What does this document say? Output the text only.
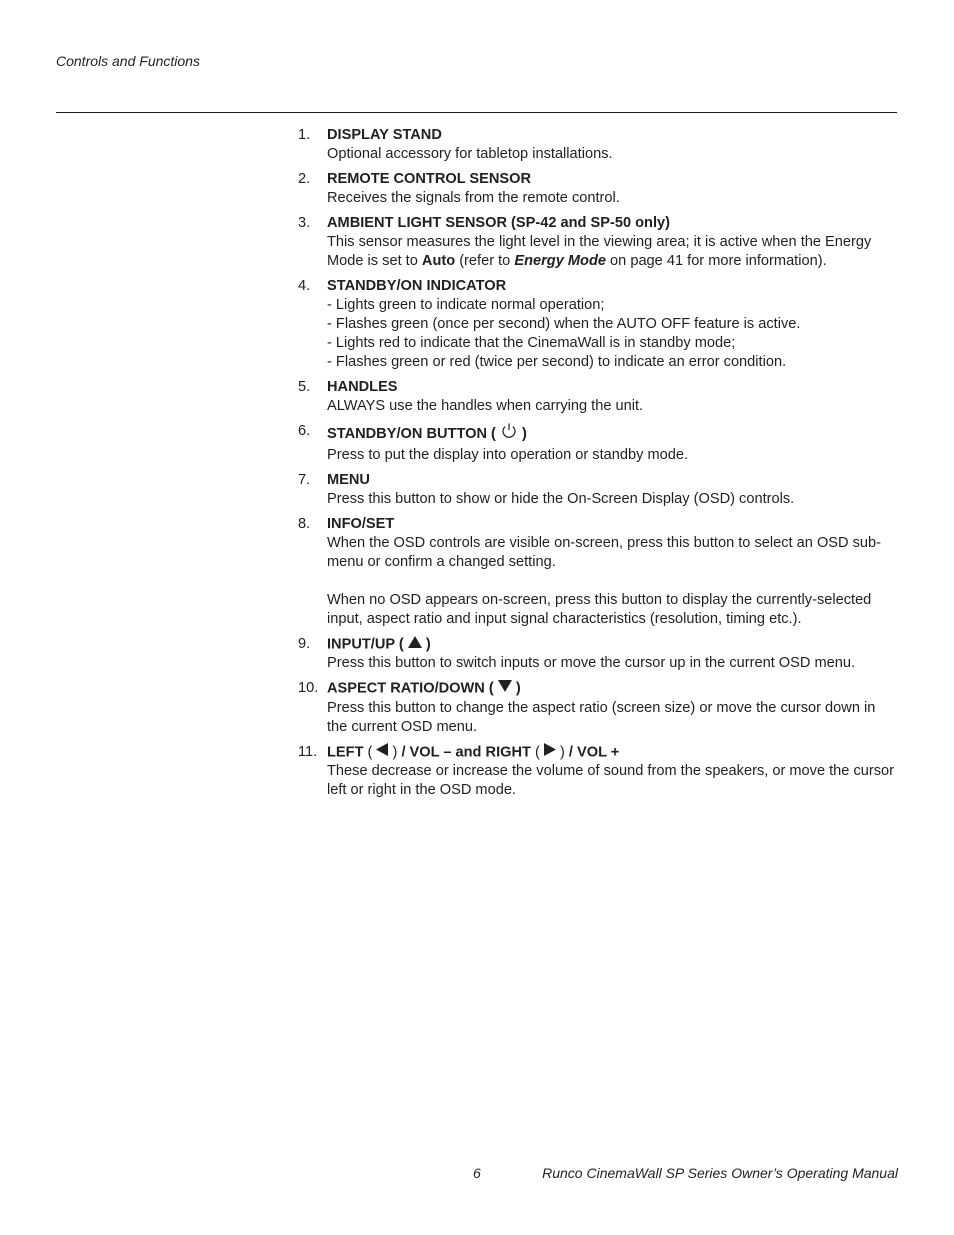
Controls and Functions
1.	DISPLAY STAND
Optional accessory for tabletop installations.
2.	REMOTE CONTROL SENSOR
Receives the signals from the remote control.
3.	AMBIENT LIGHT SENSOR (SP-42 and SP-50 only)
This sensor measures the light level in the viewing area; it is active when the Energy Mode is set to Auto (refer to Energy Mode on page 41 for more information).
4.	STANDBY/ON INDICATOR
- Lights green to indicate normal operation;
- Flashes green (once per second) when the AUTO OFF feature is active.
- Lights red to indicate that the CinemaWall is in standby mode;
- Flashes green or red (twice per second) to indicate an error condition.
5.	HANDLES
ALWAYS use the handles when carrying the unit.
6.	STANDBY/ON BUTTON (  )
Press to put the display into operation or standby mode.
7.	MENU
Press this button to show or hide the On-Screen Display (OSD) controls.
8.	INFO/SET
When the OSD controls are visible on-screen, press this button to select an OSD sub-menu or confirm a changed setting.
When no OSD appears on-screen, press this button to display the currently-selected input, aspect ratio and input signal characteristics (resolution, timing etc.).
9.	INPUT/UP (  )
Press this button to switch inputs or move the cursor up in the current OSD menu.
10. ASPECT RATIO/DOWN (  )
Press this button to change the aspect ratio (screen size) or move the cursor down in the current OSD menu.
11. LEFT (  ) / VOL – and RIGHT (  ) / VOL +
These decrease or increase the volume of sound from the speakers, or move the cursor left or right in the OSD mode.
6	Runco CinemaWall SP Series Owner’s Operating Manual
